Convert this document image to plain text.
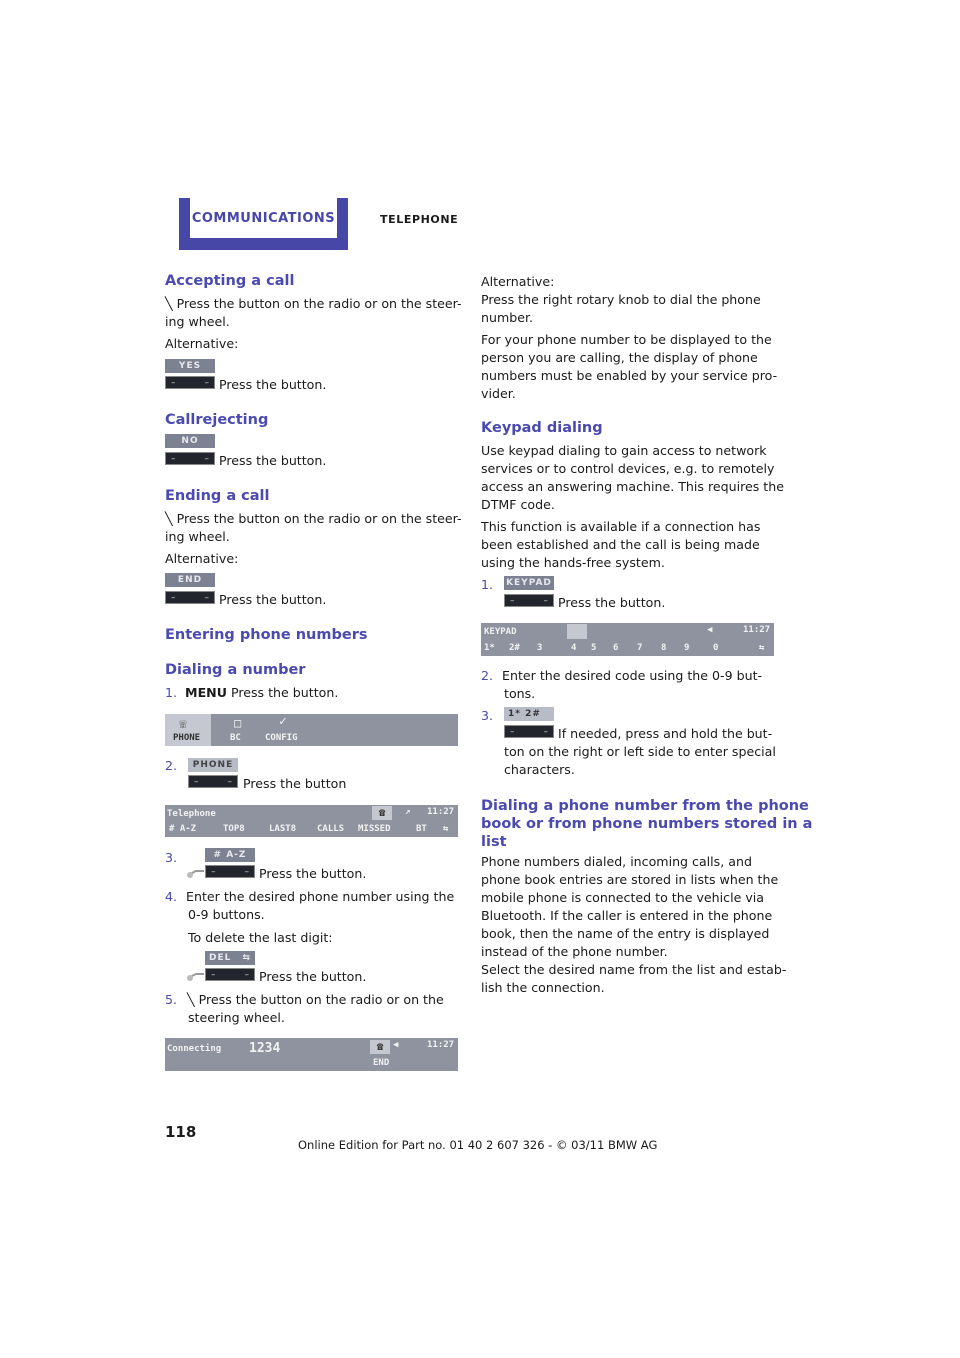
COMMUNICATIONS	TELEPHONE
Accepting a call

╲ Press the button on the radio or on the steer-

ing wheel.

Alternative:

YES
–	– Press the button.

Callrejecting
NO
–	– Press the button.

Ending a call

╲ Press the button on the radio or on the steer-

ing wheel.

Alternative:

END
–	– Press the button.

Entering phone numbers
Dialing a number

1. MENU Press the button.

☏	□	✓
PHONE	BC	CONFIG
2.	PHONE
–	– Press the button

Telephone	☎	↗ 11:27
# A-Z	TOP8	LAST8 CALLS MISSED	BT ⇆
3.	# A-Z
–	– Press the button.

4. Enter the desired phone number using the

0-9 buttons.

To delete the last digit:

DEL ⇆
–	– Press the button.

5. ╲ Press the button on the radio or on the

steering wheel.

Connecting 1234	☎	◀	11:27
END

Alternative:

Press the right rotary knob to dial the phone

number.

For your phone number to be displayed to the

person you are calling, the display of phone

numbers must be enabled by your service pro-

vider.

Keypad dialing

Use keypad dialing to gain access to network

services or to control devices, e.g. to remotely

access an answering machine. This requires the

DTMF code.

This function is available if a connection has

been established and the call is being made

using the hands-free system.

1. KEYPAD
–	– Press the button.

KEYPAD	◀	11:27
1* 2# 3	4 5 6 7 8 9	0	⇆

2. Enter the desired code using the 0-9 but-

tons.

3.	1* 2#
–	– If needed, press and hold the but-

ton on the right or left side to enter special

characters.

Dialing a phone number from the phone
book or from phone numbers stored in a
list

Phone numbers dialed, incoming calls, and

phone book entries are stored in lists when the

mobile phone is connected to the vehicle via

Bluetooth. If the caller is entered in the phone

book, then the name of the entry is displayed

instead of the phone number.

Select the desired name from the list and estab-

lish the connection.

118
Online Edition for Part no. 01 40 2 607 326 - © 03/11 BMW AG
